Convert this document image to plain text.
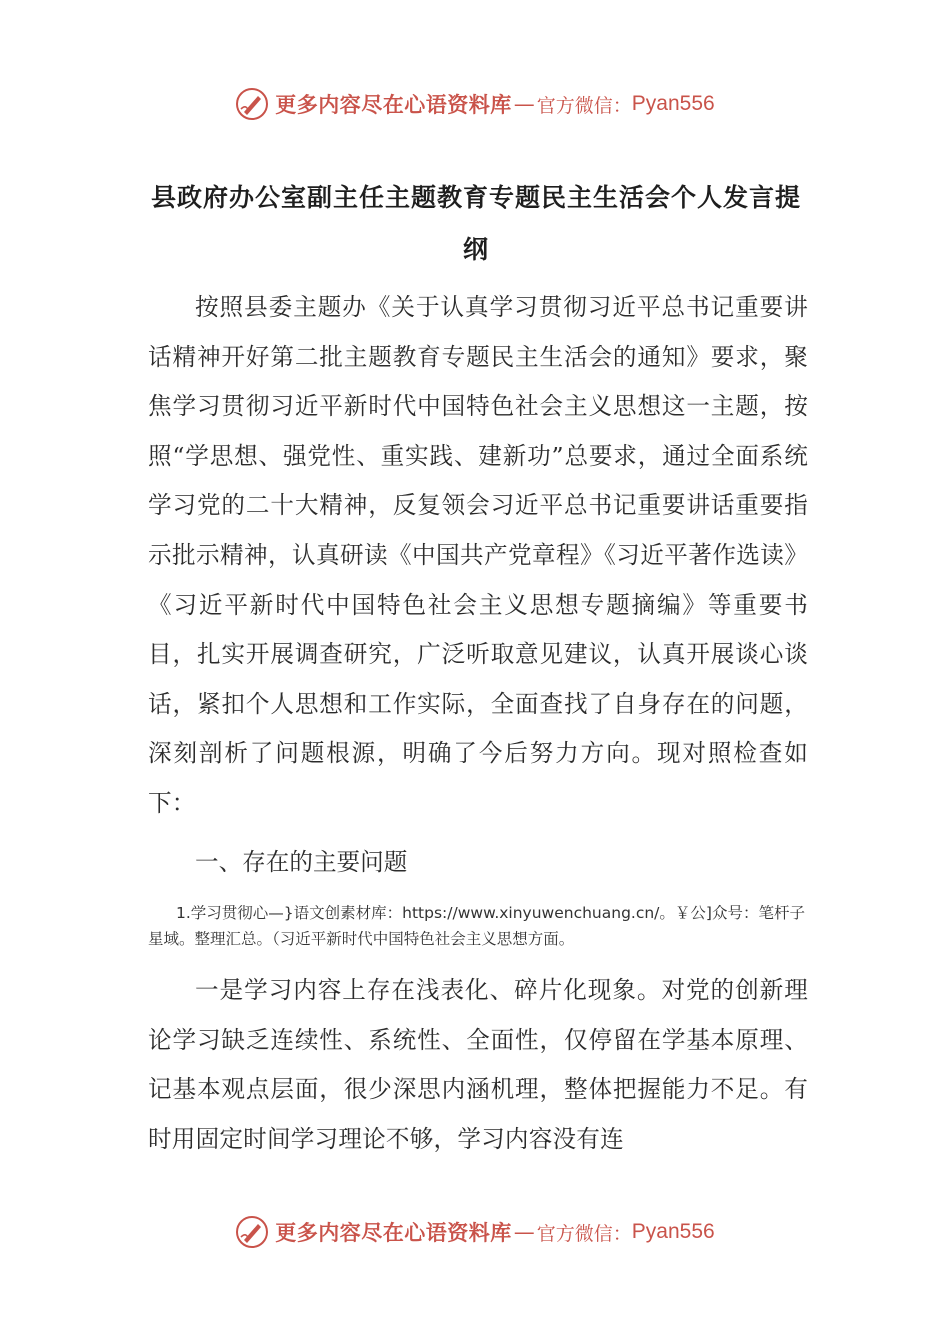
更多内容尽在心语资料库 — 官方微信： Pyan556
县政府办公室副主任主题教育专题民主生活会个人发言提纲

按照县委主题办《关于认真学习贯彻习近平总书记重要讲话精神开好第二批主题教育专题民主生活会的通知》要求，聚焦学习贯彻习近平新时代中国特色社会主义思想这一主题，按照“学思想、强党性、重实践、建新功”总要求，通过全面系统学习党的二十大精神，反复领会习近平总书记重要讲话重要指示批示精神，认真研读《中国共产党章程》《习近平著作选读》《习近平新时代中国特色社会主义思想专题摘编》等重要书目，扎实开展调查研究，广泛听取意见建议，认真开展谈心谈话，紧扣个人思想和工作实际，全面查找了自身存在的问题，深刻剖析了问题根源，明确了今后努力方向。现对照检查如下：

一、存在的主要问题

1.学习贯彻心—}语文创素材库：https://www.xinyuwenchuang.cn/。￥公]众号：笔杆子星域。整理汇总。（习近平新时代中国特色社会主义思想方面。

一是学习内容上存在浅表化、碎片化现象。对党的创新理论学习缺乏连续性、系统性、全面性，仅停留在学基本原理、记基本观点层面，很少深思内涵机理，整体把握能力不足。有时用固定时间学习理论不够，学习内容没有连

更多内容尽在心语资料库 — 官方微信： Pyan556
